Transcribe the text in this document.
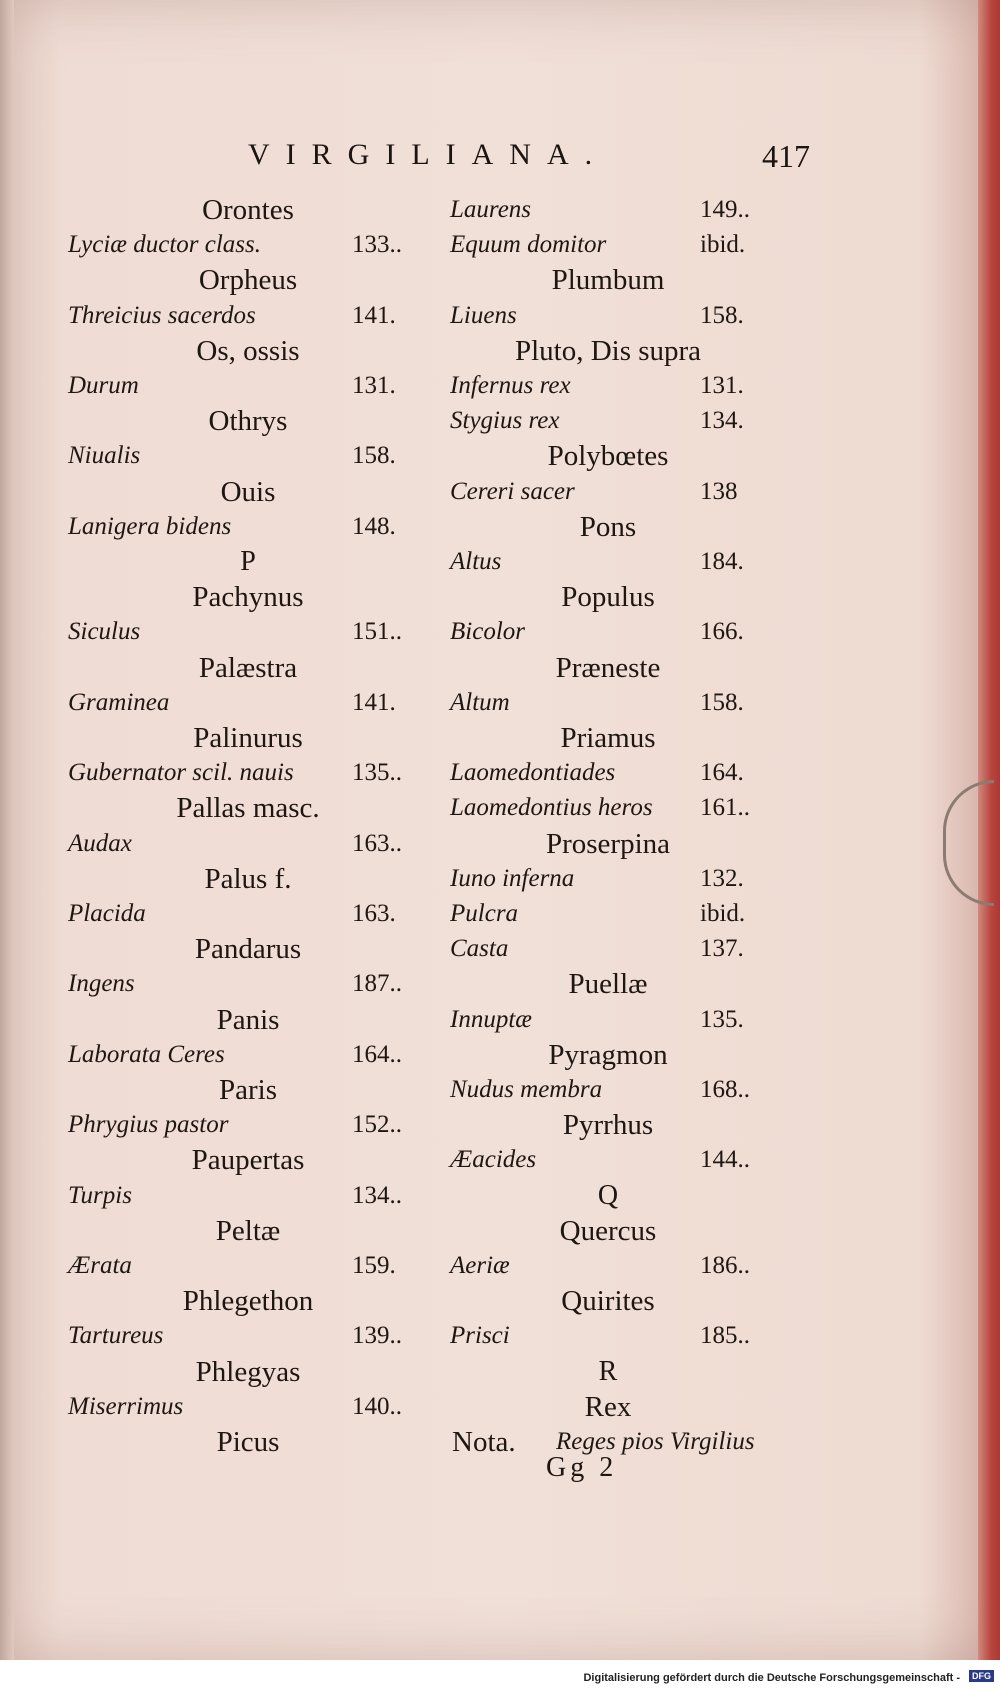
VIRGILIANA.	417
Orontes
Lyciæ ductor class.	133..
Orpheus
Threicius sacerdos	141.
Os, ossis
Durum	131.
Othrys
Niualis	158.
Ouis
Lanigera bidens	148.
P
Pachynus
Siculus	151..
Palæstra
Graminea	141.
Palinurus
Gubernator scil. nauis 135..
Pallas masc.
Audax	163..
Palus f.
Placida	163.
Pandarus
Ingens	187..
Panis
Laborata Ceres	164..
Paris
Phrygius pastor	152..
Paupertas
Turpis	134..
Peltæ
Ærata	159.
Phlegethon
Tartureus	139..
Phlegyas
Miserrimus	140..
Picus
Laurens	149..
Equum domitor	ibid.
Plumbum
Liuens	158.
Pluto, Dis supra
Infernus rex	131.
Stygius rex	134.
Polybœtes
Cereri sacer	138
Pons
Altus	184.
Populus
Bicolor	166.
Præneste
Altum	158.
Priamus
Laomedontiades	164.
Laomedontius heros 161..
Proserpina
Iuno inferna	132.
Pulcra	ibid.
Casta	137.
Puellæ
Innuptæ	135.
Pyragmon
Nudus membra	168..
Pyrrhus
Æacides	144..
Q
Quercus
Aeriæ	186..
Quirites
Prisci	185..
R
Rex
Nota. Reges pios Virgilius
Gg 2
Digitalisierung gefördert durch die Deutsche Forschungsgemeinschaft -	DFG
